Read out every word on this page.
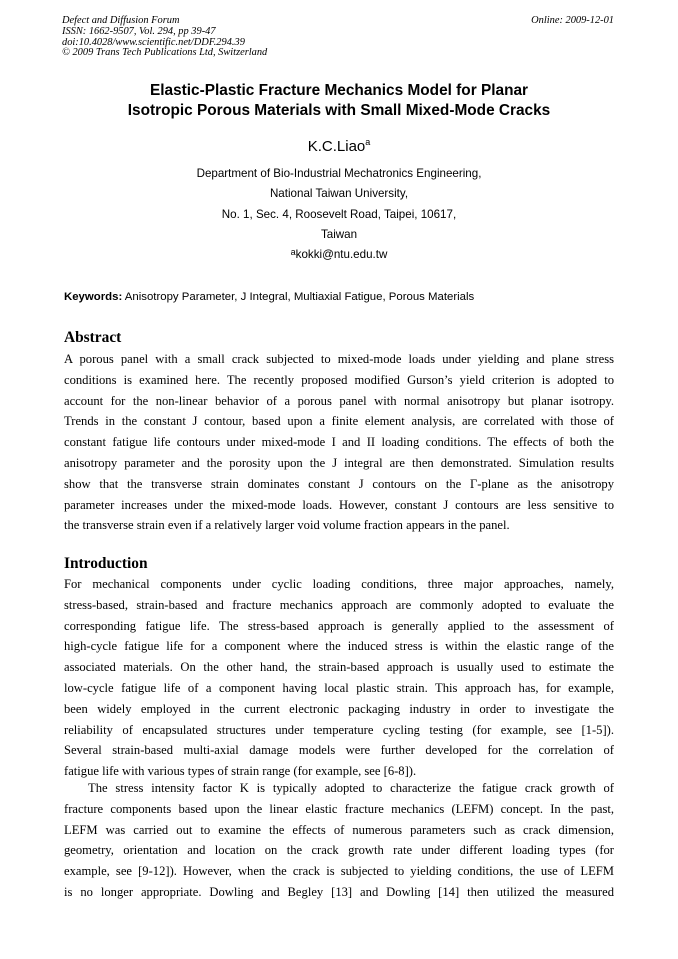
Defect and Diffusion Forum
ISSN: 1662-9507, Vol. 294, pp 39-47
doi:10.4028/www.scientific.net/DDF.294.39
© 2009 Trans Tech Publications Ltd, Switzerland
Online: 2009-12-01
Elastic-Plastic Fracture Mechanics Model for Planar
Isotropic Porous Materials with Small Mixed-Mode Cracks
K.C.Liao$^a$
Department of Bio-Industrial Mechatronics Engineering,
National Taiwan University,
No. 1, Sec. 4, Roosevelt Road, Taipei, 10617,
Taiwan
$^a$kokki@ntu.edu.tw
Keywords: Anisotropy Parameter, J Integral, Multiaxial Fatigue, Porous Materials
Abstract
A porous panel with a small crack subjected to mixed-mode loads under yielding and plane stress
conditions is examined here. The recently proposed modified Gurson’s yield criterion is adopted to
account for the non-linear behavior of a porous panel with normal anisotropy but planar isotropy.
Trends in the constant J contour, based upon a finite element analysis, are correlated with those of
constant fatigue life contours under mixed-mode I and II loading conditions. The effects of both the
anisotropy parameter and the porosity upon the J integral are then demonstrated. Simulation results
show that the transverse strain dominates constant J contours on the Γ-plane as the anisotropy
parameter increases under the mixed-mode loads. However, constant J contours are less sensitive to
the transverse strain even if a relatively larger void volume fraction appears in the panel.
Introduction
For mechanical components under cyclic loading conditions, three major approaches, namely,
stress-based, strain-based and fracture mechanics approach are commonly adopted to evaluate the
corresponding fatigue life. The stress-based approach is generally applied to the assessment of
high-cycle fatigue life for a component where the induced stress is within the elastic range of the
associated materials. On the other hand, the strain-based approach is usually used to estimate the
low-cycle fatigue life of a component having local plastic strain. This approach has, for example,
been widely employed in the current electronic packaging industry in order to investigate the
reliability of encapsulated structures under temperature cycling testing (for example, see [1-5]).
Several strain-based multi-axial damage models were further developed for the correlation of
fatigue life with various types of strain range (for example, see [6-8]).
The stress intensity factor K is typically adopted to characterize the fatigue crack growth of
fracture components based upon the linear elastic fracture mechanics (LEFM) concept. In the past,
LEFM was carried out to examine the effects of numerous parameters such as crack dimension,
geometry, orientation and location on the crack growth rate under different loading types (for
example, see [9-12]). However, when the crack is subjected to yielding conditions, the use of LEFM
is no longer appropriate. Dowling and Begley [13] and Dowling [14] then utilized the measured
